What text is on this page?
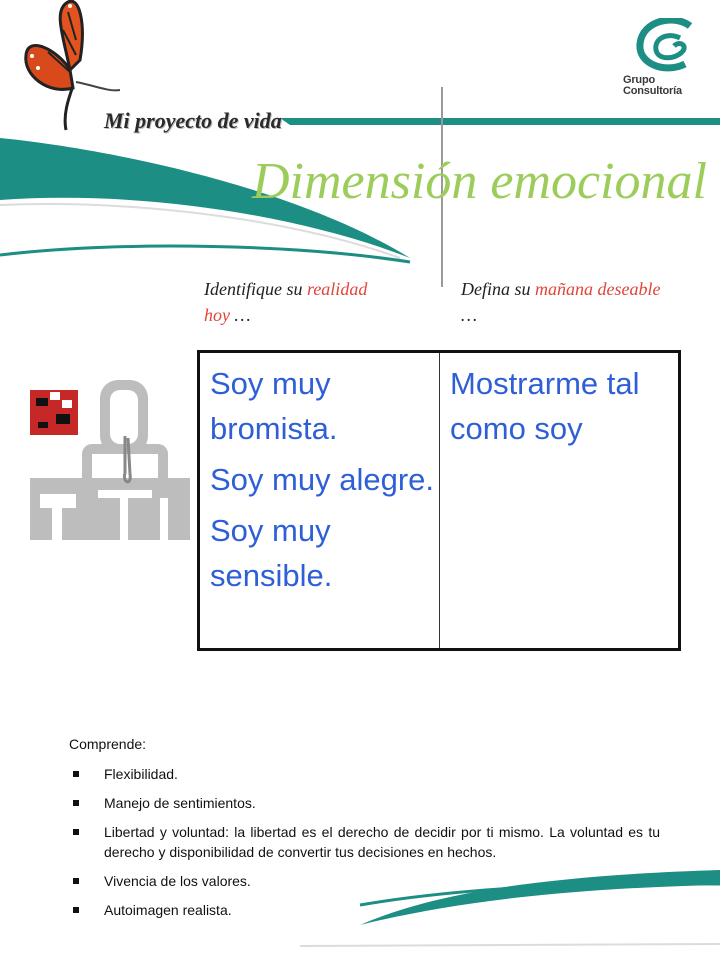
Grupo
Consultoría
Mi proyecto de vida
Dimensión emocional
Identifique su realidad hoy …
Defina su mañana deseable …

Soy muy bromista.

Soy muy alegre.

Soy muy sensible.

Mostrarme tal como soy

Comprende:
Flexibilidad.
Manejo de sentimientos.
Libertad y voluntad: la libertad es el derecho de decidir por ti mismo. La voluntad es tu derecho y disponibilidad de convertir tus decisiones en hechos.
Vivencia de los valores.
Autoimagen realista.
